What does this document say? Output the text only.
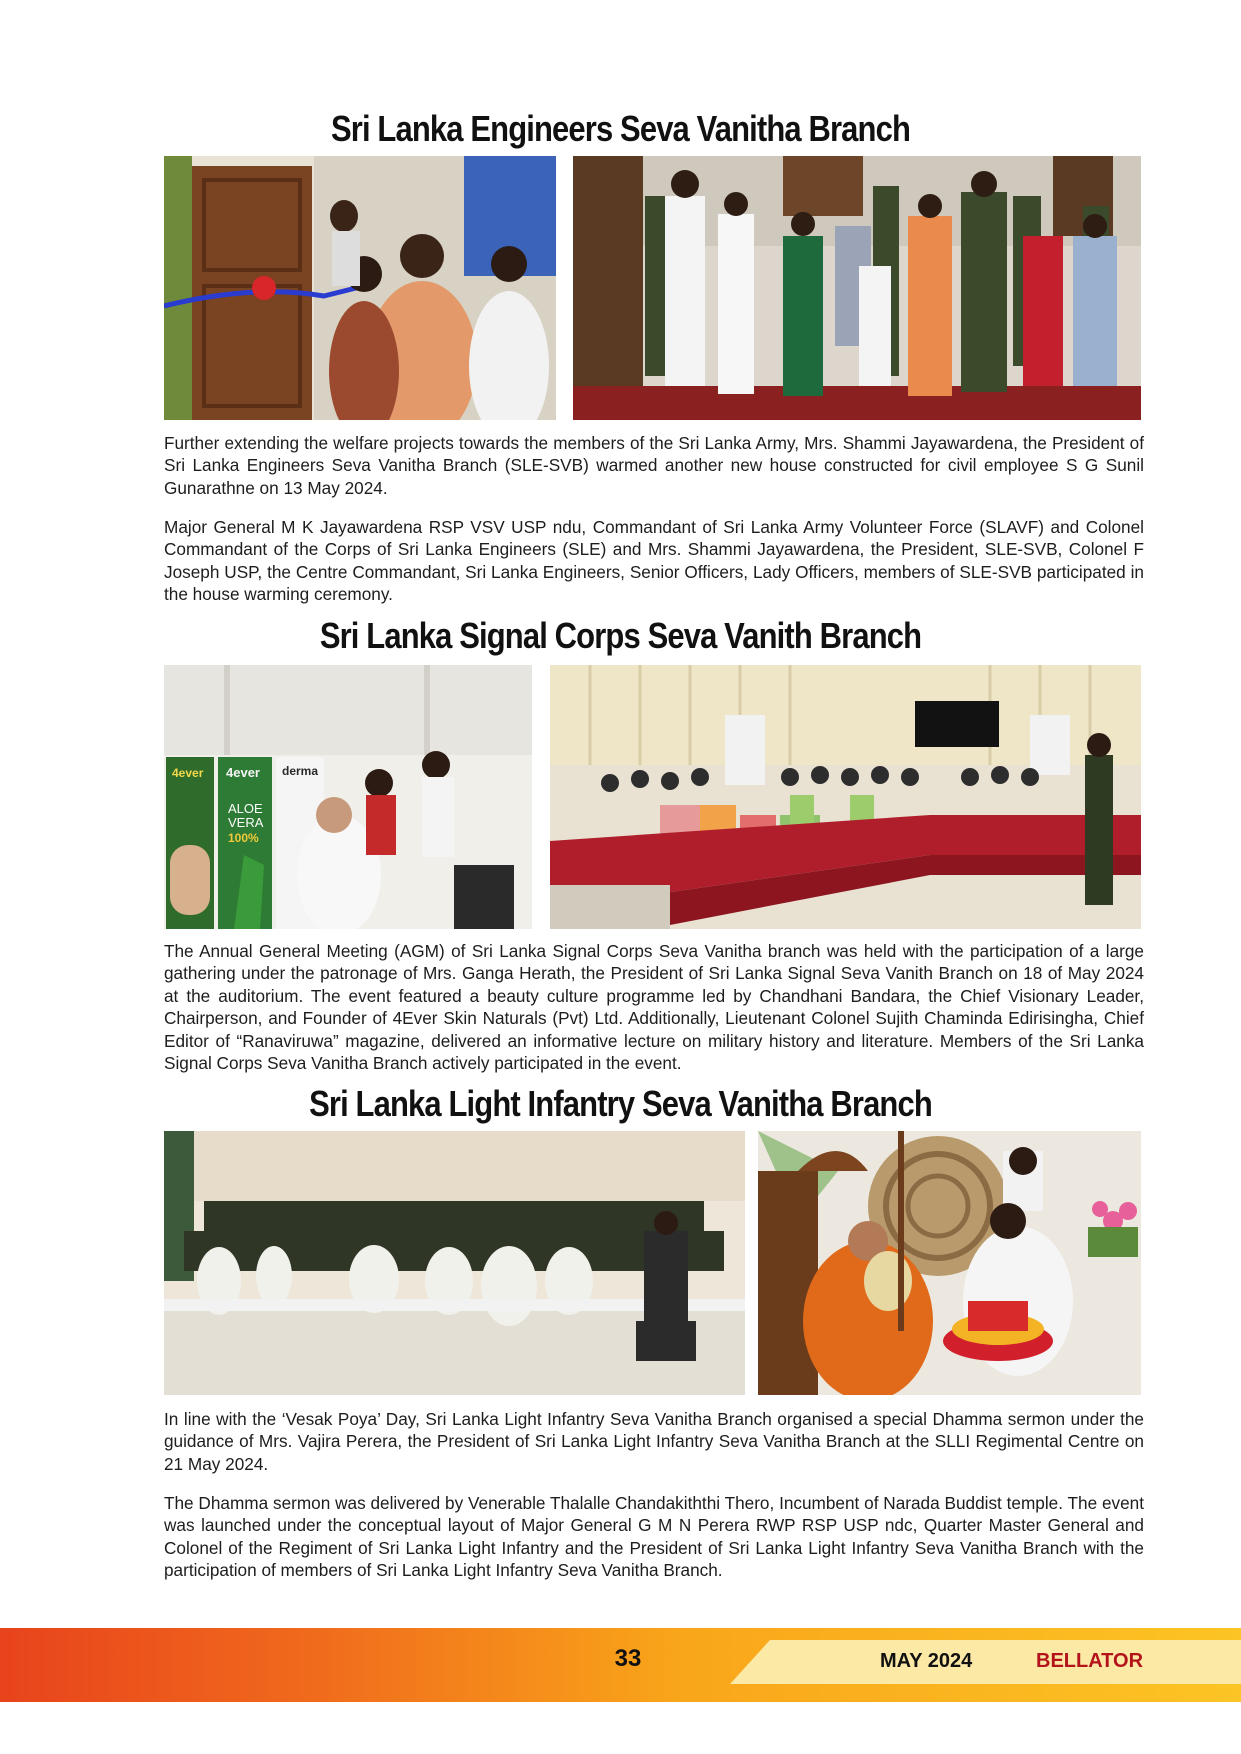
Sri Lanka Engineers Seva Vanitha Branch

Further extending the welfare projects towards the members of the Sri Lanka Army, Mrs. Shammi Jayawardena, the President of Sri Lanka Engineers Seva Vanitha Branch (SLE-SVB) warmed another new house constructed for civil employee S G Sunil Gunarathne on 13 May 2024.

Major General M K Jayawardena RSP VSV USP ndu, Commandant of Sri Lanka Army Volunteer Force (SLAVF) and Colonel Commandant of the Corps of Sri Lanka Engineers (SLE) and Mrs. Shammi Jayawardena, the President, SLE-SVB, Colonel F Joseph USP, the Centre Commandant, Sri Lanka Engineers, Senior Officers, Lady Officers, members of SLE-SVB participated in the house warming ceremony.

Sri Lanka Signal Corps Seva Vanith Branch
4ever 4ever
ALOE
VERA
100%
derma

The Annual General Meeting (AGM) of Sri Lanka Signal Corps Seva Vanitha branch was held with the participation of a large gathering under the patronage of Mrs. Ganga Herath, the President of Sri Lanka Signal Seva Vanith Branch on 18 of May 2024 at the auditorium. The event featured a beauty culture programme led by Chandhani Bandara, the Chief Visionary Leader, Chairperson, and Founder of 4Ever Skin Naturals (Pvt) Ltd. Additionally, Lieutenant Colonel Sujith Chaminda Edirisingha, Chief Editor of “Ranaviruwa” magazine, delivered an informative lecture on military history and literature. Members of the Sri Lanka Signal Corps Seva Vanitha Branch actively participated in the event.

Sri Lanka Light Infantry Seva Vanitha Branch

In line with the ‘Vesak Poya’ Day, Sri Lanka Light Infantry Seva Vanitha Branch organised a special Dhamma sermon under the guidance of Mrs. Vajira Perera, the President of Sri Lanka Light Infantry Seva Vanitha Branch at the SLLI Regimental Centre on 21 May 2024.

The Dhamma sermon was delivered by Venerable Thalalle Chandakiththi Thero, Incumbent of Narada Buddist temple. The event was launched under the conceptual layout of Major General G M N Perera RWP RSP USP ndc, Quarter Master General and Colonel of the Regiment of Sri Lanka Light Infantry and the President of Sri Lanka Light Infantry Seva Vanitha Branch with the participation of members of Sri Lanka Light Infantry Seva Vanitha Branch.

33	MAY 2024	BELLATOR
